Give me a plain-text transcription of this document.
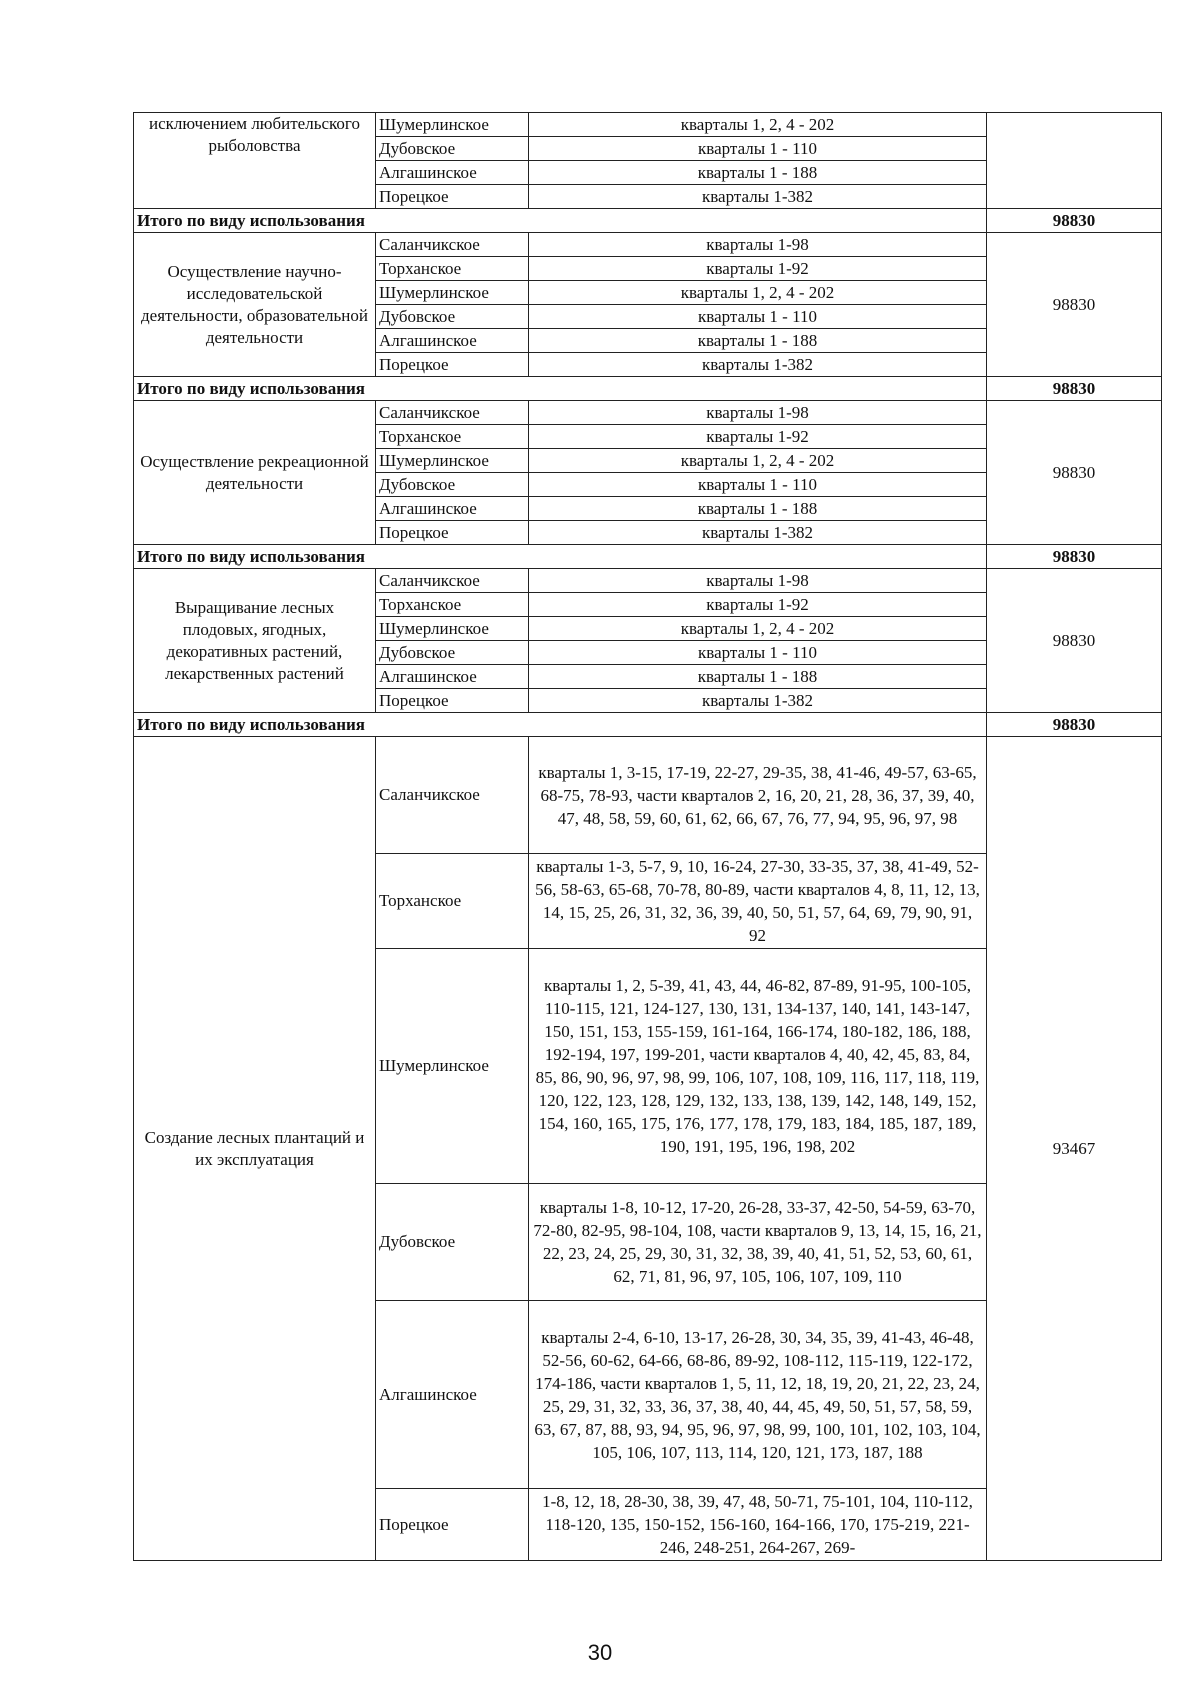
исключением любительского рыболовства	Шумерлинское	кварталы 1, 2, 4 - 202	
	Дубовское	кварталы 1 - 110	
	Алгашинское	кварталы 1 - 188	
	Порецкое	кварталы 1-382	
Итого по виду использования			98830
Осуществление научно-исследовательской деятельности, образовательной деятельности	Саланчикское	кварталы 1-98	98830
	Торханское	кварталы 1-92	
	Шумерлинское	кварталы 1, 2, 4 - 202	
	Дубовское	кварталы 1 - 110	
	Алгашинское	кварталы 1 - 188	
	Порецкое	кварталы 1-382	
Итого по виду использования			98830
Осуществление рекреационной деятельности	Саланчикское	кварталы 1-98	98830
	Торханское	кварталы 1-92	
	Шумерлинское	кварталы 1, 2, 4 - 202	
	Дубовское	кварталы 1 - 110	
	Алгашинское	кварталы 1 - 188	
	Порецкое	кварталы 1-382	
Итого по виду использования			98830
Выращивание лесных плодовых, ягодных, декоративных растений, лекарственных растений	Саланчикское	кварталы 1-98	98830
	Торханское	кварталы 1-92	
	Шумерлинское	кварталы 1, 2, 4 - 202	
	Дубовское	кварталы 1 - 110	
	Алгашинское	кварталы 1 - 188	
	Порецкое	кварталы 1-382	
Итого по виду использования			98830
Создание лесных плантаций и их эксплуатация	Саланчикское	кварталы 1, 3-15, 17-19, 22-27, 29-35, 38, 41-46, 49-57, 63-65, 68-75, 78-93, части кварталов 2, 16, 20, 21, 28, 36, 37, 39, 40, 47, 48, 58, 59, 60, 61, 62, 66, 67, 76, 77, 94, 95, 96, 97, 98	93467
	Торханское	кварталы 1-3, 5-7, 9, 10, 16-24, 27-30, 33-35, 37, 38, 41-49, 52-56, 58-63, 65-68, 70-78, 80-89, части кварталов 4, 8, 11, 12, 13, 14, 15, 25, 26, 31, 32, 36, 39, 40, 50, 51, 57, 64, 69, 79, 90, 91, 92	
	Шумерлинское	кварталы 1, 2, 5-39, 41, 43, 44, 46-82, 87-89, 91-95, 100-105, 110-115, 121, 124-127, 130, 131, 134-137, 140, 141, 143-147, 150, 151, 153, 155-159, 161-164, 166-174, 180-182, 186, 188, 192-194, 197, 199-201, части кварталов 4, 40, 42, 45, 83, 84, 85, 86, 90, 96, 97, 98, 99, 106, 107, 108, 109, 116, 117, 118, 119, 120, 122, 123, 128, 129, 132, 133, 138, 139, 142, 148, 149, 152, 154, 160, 165, 175, 176, 177, 178, 179, 183, 184, 185, 187, 189, 190, 191, 195, 196, 198, 202	
	Дубовское	кварталы 1-8, 10-12, 17-20, 26-28, 33-37, 42-50, 54-59, 63-70, 72-80, 82-95, 98-104, 108, части кварталов 9, 13, 14, 15, 16, 21, 22, 23, 24, 25, 29, 30, 31, 32, 38, 39, 40, 41, 51, 52, 53, 60, 61, 62, 71, 81, 96, 97, 105, 106, 107, 109, 110	
	Алгашинское	кварталы 2-4, 6-10, 13-17, 26-28, 30, 34, 35, 39, 41-43, 46-48, 52-56, 60-62, 64-66, 68-86, 89-92, 108-112, 115-119, 122-172, 174-186, части кварталов 1, 5, 11, 12, 18, 19, 20, 21, 22, 23, 24, 25, 29, 31, 32, 33, 36, 37, 38, 40, 44, 45, 49, 50, 51, 57, 58, 59, 63, 67, 87, 88, 93, 94, 95, 96, 97, 98, 99, 100, 101, 102, 103, 104, 105, 106, 107, 113, 114, 120, 121, 173, 187, 188	
	Порецкое	1-8, 12, 18, 28-30, 38, 39, 47, 48, 50-71, 75-101, 104, 110-112, 118-120, 135, 150-152, 156-160, 164-166, 170, 175-219, 221-246, 248-251, 264-267, 269-	
30
